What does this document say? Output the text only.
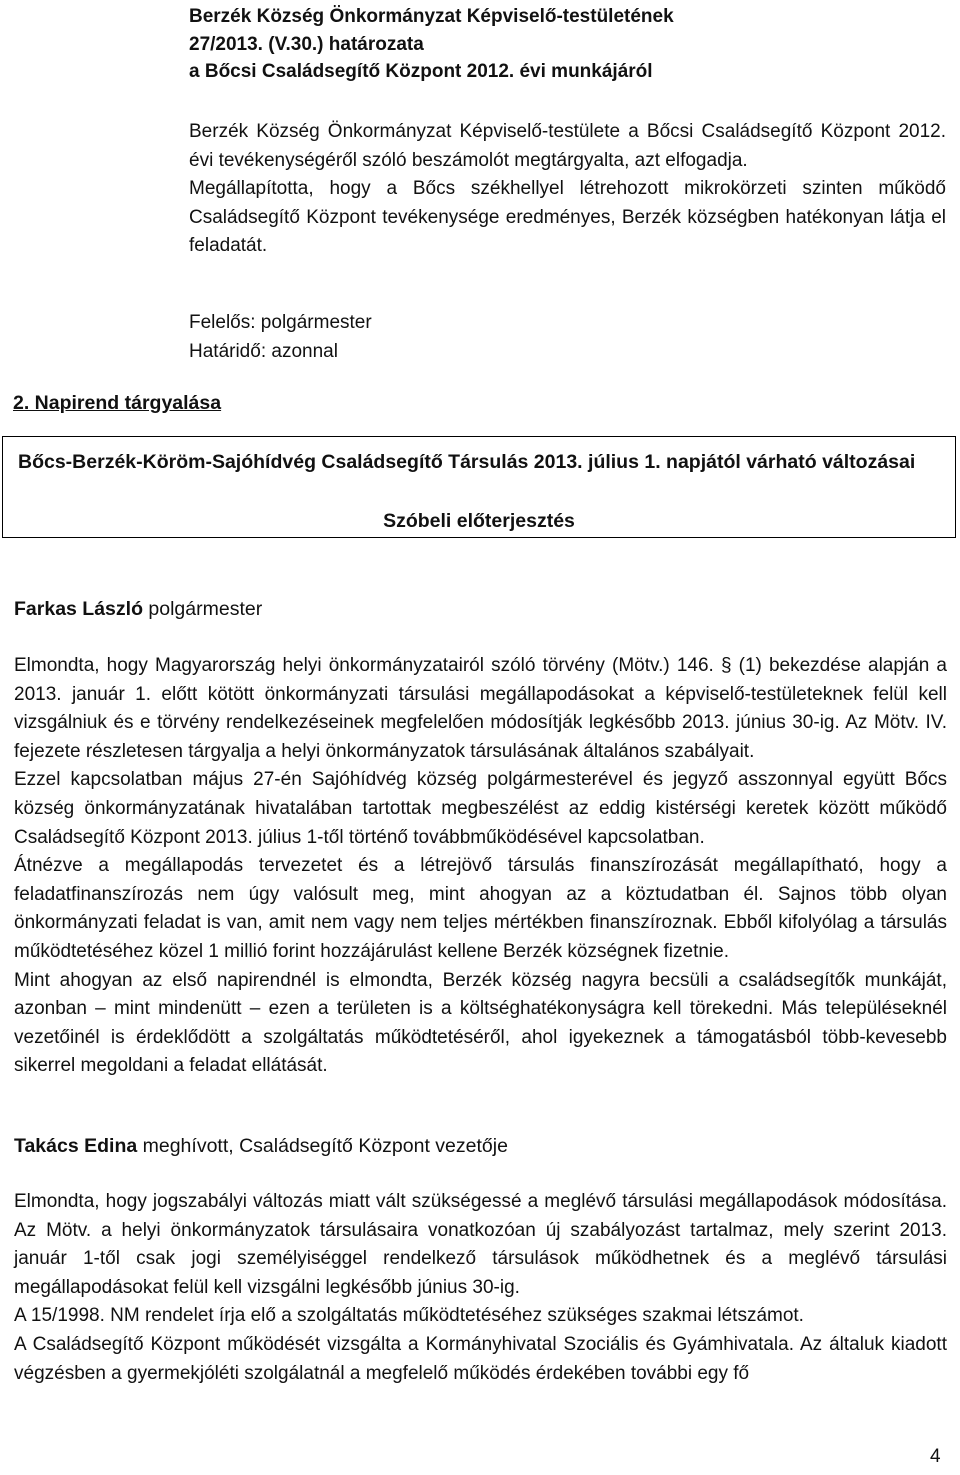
Berzék Község Önkormányzat Képviselő-testületének
27/2013. (V.30.) határozata
a Bőcsi Családsegítő Központ 2012. évi munkájáról

Berzék Község Önkormányzat Képviselő-testülete a Bőcsi Családsegítő Központ 2012. évi tevékenységéről szóló beszámolót megtárgyalta, azt elfogadja.

Megállapította, hogy a Bőcs székhellyel létrehozott mikrokörzeti szinten működő Családsegítő Központ tevékenysége eredményes, Berzék községben hatékonyan látja el feladatát.

Felelős: polgármester
Határidő: azonnal
2. Napirend tárgyalása
Bőcs-Berzék-Köröm-Sajóhídvég Családsegítő Társulás 2013. július 1. napjától várható változásai
Szóbeli előterjesztés
Farkas László polgármester

Elmondta, hogy Magyarország helyi önkormányzatairól szóló törvény (Mötv.) 146. § (1) bekezdése alapján a 2013. január 1. előtt kötött önkormányzati társulási megállapodásokat a képviselő-testületeknek felül kell vizsgálniuk és e törvény rendelkezéseinek megfelelően módosítják legkésőbb 2013. június 30-ig. Az Mötv. IV. fejezete részletesen tárgyalja a helyi önkormányzatok társulásának általános szabályait.

Ezzel kapcsolatban május 27-én Sajóhídvég község polgármesterével és jegyző asszonnyal együtt Bőcs község önkormányzatának hivatalában tartottak megbeszélést az eddig kistérségi keretek között működő Családsegítő Központ 2013. július 1-től történő továbbműködésével kapcsolatban.

Átnézve a megállapodás tervezetet és a létrejövő társulás finanszírozását megállapítható, hogy a feladatfinanszírozás nem úgy valósult meg, mint ahogyan az a köztudatban él. Sajnos több olyan önkormányzati feladat is van, amit nem vagy nem teljes mértékben finanszíroznak. Ebből kifolyólag a társulás működtetéséhez közel 1 millió forint hozzájárulást kellene Berzék községnek fizetnie.

Mint ahogyan az első napirendnél is elmondta, Berzék község nagyra becsüli a családsegítők munkáját, azonban – mint mindenütt – ezen a területen is a költséghatékonyságra kell törekedni. Más településeknél vezetőinél is érdeklődött a szolgáltatás működtetéséről, ahol igyekeznek a támogatásból több-kevesebb sikerrel megoldani a feladat ellátását.

Takács Edina meghívott, Családsegítő Központ vezetője

Elmondta, hogy jogszabályi változás miatt vált szükségessé a meglévő társulási megállapodások módosítása. Az Mötv. a helyi önkormányzatok társulásaira vonatkozóan új szabályozást tartalmaz, mely szerint 2013. január 1-től csak jogi személyiséggel rendelkező társulások működhetnek és a meglévő társulási megállapodásokat felül kell vizsgálni legkésőbb június 30-ig.

A 15/1998. NM rendelet írja elő a szolgáltatás működtetéséhez szükséges szakmai létszámot.

A Családsegítő Központ működését vizsgálta a Kormányhivatal Szociális és Gyámhivatala. Az általuk kiadott végzésben a gyermekjóléti szolgálatnál a megfelelő működés érdekében további egy fő

4
